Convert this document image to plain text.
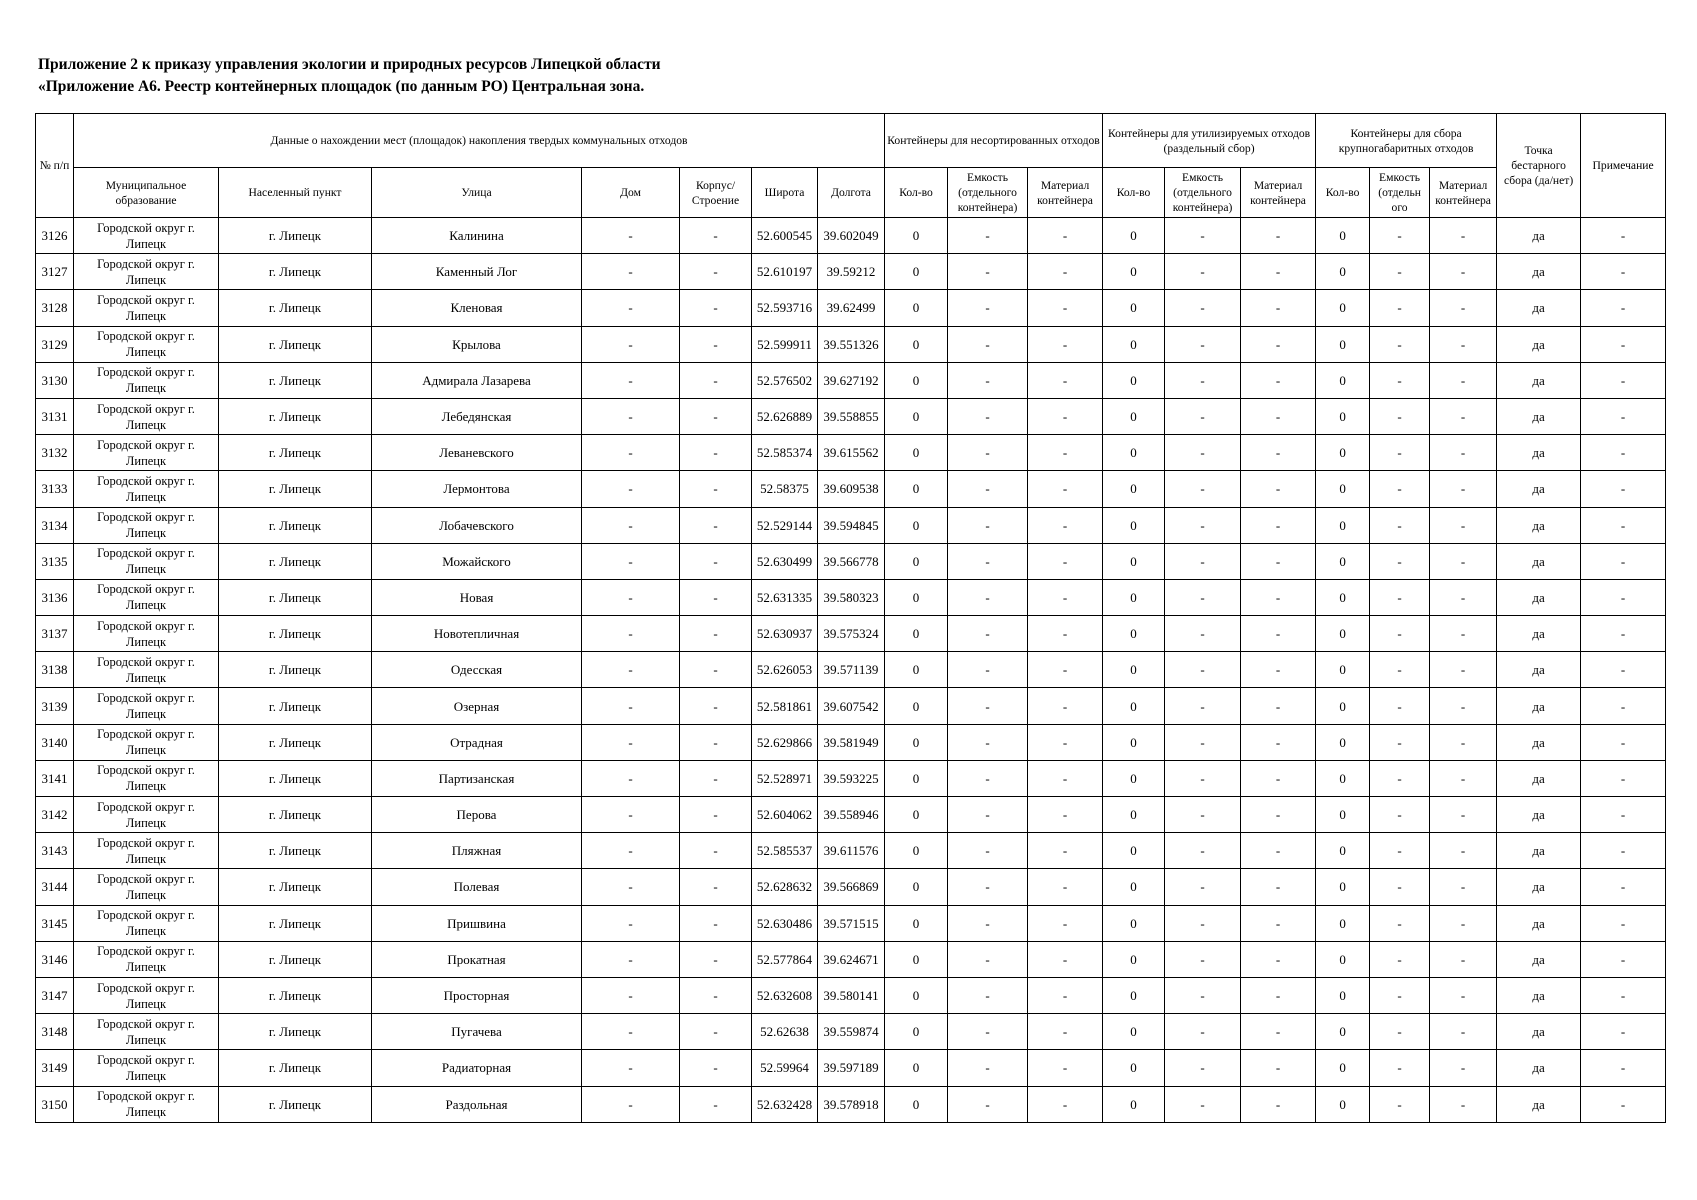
Приложение 2 к приказу управления экологии и природных ресурсов Липецкой области
«Приложение А6. Реестр контейнерных площадок (по данным РО) Центральная зона.
№ п/п	Данные о нахождении мест (площадок) накопления твердых коммунальных отходов							Контейнеры для несортированных отходов			Контейнеры для утилизируемых отходов (раздельный сбор)			Контейнеры для сбора крупногабаритных отходов			Точка бестарного сбора (да/нет)	Примечание
	Муниципальное образование	Населенный пункт	Улица	Дом	Корпус/ Строение	Широта	Долгота	Кол-во	Емкость (отдельного контейнера)	Материал контейнера	Кол-во	Емкость (отдельного контейнера)	Материал контейнера	Кол-во	Емкость (отдельн ого	Материал контейнера		
3126	Городской округ г. Липецк	г. Липецк	Калинина	-	-	52.600545	39.602049	0	-	-	0	-	-	0	-	-	да	-
3127	Городской округ г. Липецк	г. Липецк	Каменный Лог	-	-	52.610197	39.59212	0	-	-	0	-	-	0	-	-	да	-
3128	Городской округ г. Липецк	г. Липецк	Кленовая	-	-	52.593716	39.62499	0	-	-	0	-	-	0	-	-	да	-
3129	Городской округ г. Липецк	г. Липецк	Крылова	-	-	52.599911	39.551326	0	-	-	0	-	-	0	-	-	да	-
3130	Городской округ г. Липецк	г. Липецк	Адмирала Лазарева	-	-	52.576502	39.627192	0	-	-	0	-	-	0	-	-	да	-
3131	Городской округ г. Липецк	г. Липецк	Лебедянская	-	-	52.626889	39.558855	0	-	-	0	-	-	0	-	-	да	-
3132	Городской округ г. Липецк	г. Липецк	Леваневского	-	-	52.585374	39.615562	0	-	-	0	-	-	0	-	-	да	-
3133	Городской округ г. Липецк	г. Липецк	Лермонтова	-	-	52.58375	39.609538	0	-	-	0	-	-	0	-	-	да	-
3134	Городской округ г. Липецк	г. Липецк	Лобачевского	-	-	52.529144	39.594845	0	-	-	0	-	-	0	-	-	да	-
3135	Городской округ г. Липецк	г. Липецк	Можайского	-	-	52.630499	39.566778	0	-	-	0	-	-	0	-	-	да	-
3136	Городской округ г. Липецк	г. Липецк	Новая	-	-	52.631335	39.580323	0	-	-	0	-	-	0	-	-	да	-
3137	Городской округ г. Липецк	г. Липецк	Новотепличная	-	-	52.630937	39.575324	0	-	-	0	-	-	0	-	-	да	-
3138	Городской округ г. Липецк	г. Липецк	Одесская	-	-	52.626053	39.571139	0	-	-	0	-	-	0	-	-	да	-
3139	Городской округ г. Липецк	г. Липецк	Озерная	-	-	52.581861	39.607542	0	-	-	0	-	-	0	-	-	да	-
3140	Городской округ г. Липецк	г. Липецк	Отрадная	-	-	52.629866	39.581949	0	-	-	0	-	-	0	-	-	да	-
3141	Городской округ г. Липецк	г. Липецк	Партизанская	-	-	52.528971	39.593225	0	-	-	0	-	-	0	-	-	да	-
3142	Городской округ г. Липецк	г. Липецк	Перова	-	-	52.604062	39.558946	0	-	-	0	-	-	0	-	-	да	-
3143	Городской округ г. Липецк	г. Липецк	Пляжная	-	-	52.585537	39.611576	0	-	-	0	-	-	0	-	-	да	-
3144	Городской округ г. Липецк	г. Липецк	Полевая	-	-	52.628632	39.566869	0	-	-	0	-	-	0	-	-	да	-
3145	Городской округ г. Липецк	г. Липецк	Пришвина	-	-	52.630486	39.571515	0	-	-	0	-	-	0	-	-	да	-
3146	Городской округ г. Липецк	г. Липецк	Прокатная	-	-	52.577864	39.624671	0	-	-	0	-	-	0	-	-	да	-
3147	Городской округ г. Липецк	г. Липецк	Просторная	-	-	52.632608	39.580141	0	-	-	0	-	-	0	-	-	да	-
3148	Городской округ г. Липецк	г. Липецк	Пугачева	-	-	52.62638	39.559874	0	-	-	0	-	-	0	-	-	да	-
3149	Городской округ г. Липецк	г. Липецк	Радиаторная	-	-	52.59964	39.597189	0	-	-	0	-	-	0	-	-	да	-
3150	Городской округ г. Липецк	г. Липецк	Раздольная	-	-	52.632428	39.578918	0	-	-	0	-	-	0	-	-	да	-
